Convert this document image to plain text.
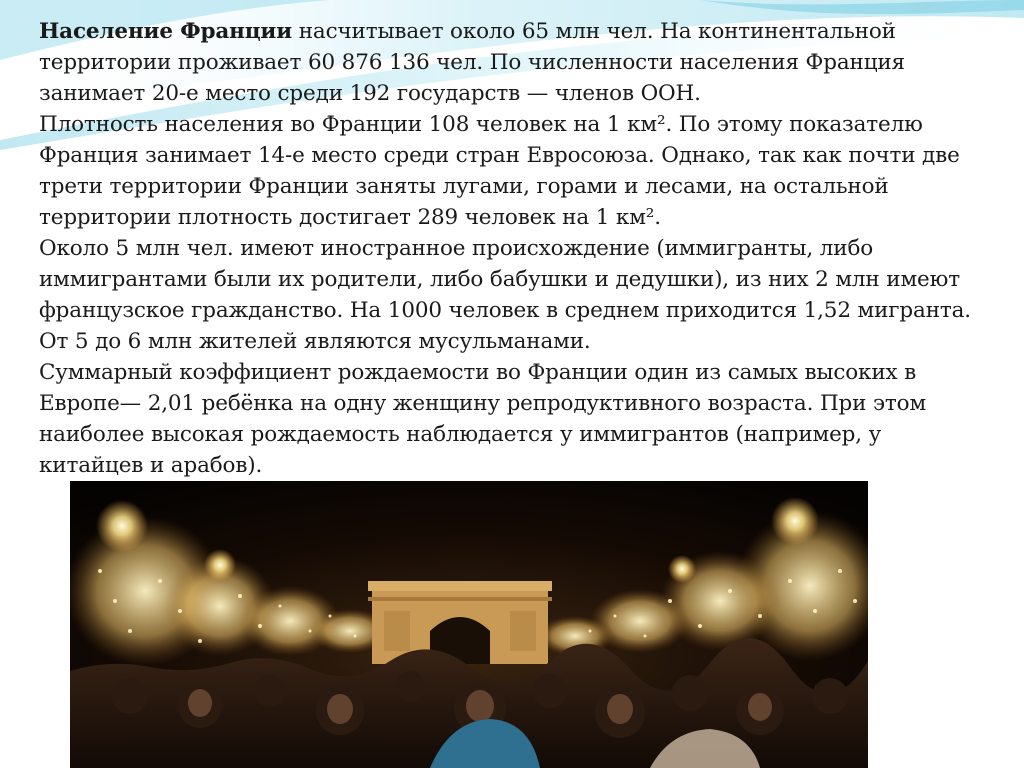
Население Франции насчитывает около 65 млн чел. На континентальной территории проживает 60 876 136 чел. По численности населения Франция занимает 20-е место среди 192 государств — членов ООН.

Плотность населения во Франции 108 человек на 1 км². По этому показателю Франция занимает 14-е место среди стран Евросоюза. Однако, так как почти две трети территории Франции заняты лугами, горами и лесами, на остальной территории плотность достигает 289 человек на 1 км².

Около 5 млн чел. имеют иностранное происхождение (иммигранты, либо иммигрантами были их родители, либо бабушки и дедушки), из них 2 млн имеют французское гражданство. На 1000 человек в среднем приходится 1,52 мигранта. От 5 до 6 млн жителей являются мусульманами.

Суммарный коэффициент рождаемости во Франции один из самых высоких в Европе— 2,01 ребёнка на одну женщину репродуктивного возраста. При этом наиболее высокая рождаемость наблюдается у иммигрантов (например, у китайцев и арабов).
